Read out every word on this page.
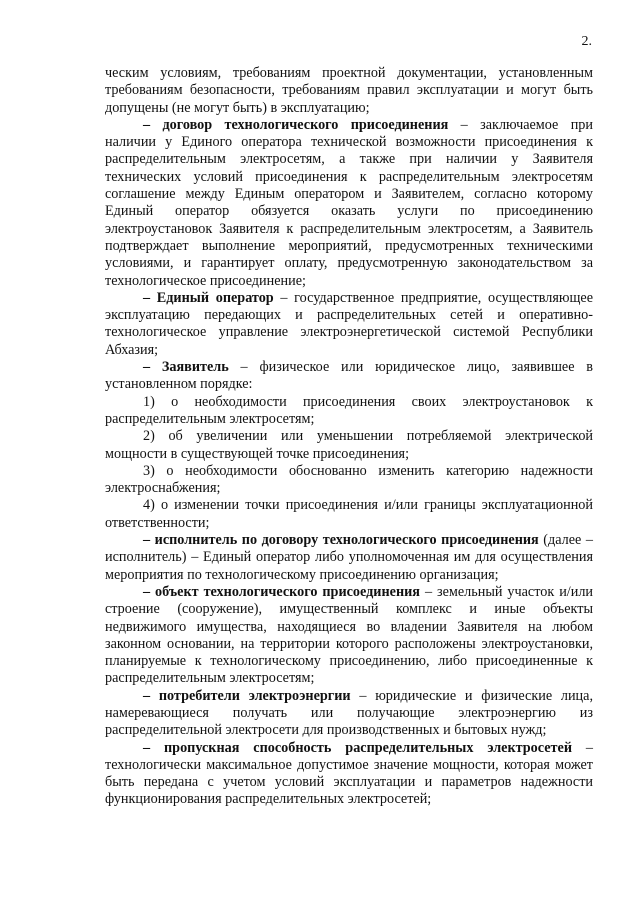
2.

ческим условиям, требованиям проектной документации, установленным требованиям безопасности, требованиям правил эксплуатации и могут быть допущены (не могут быть) в эксплуатацию;

– договор технологического присоединения – заключаемое при наличии у Единого оператора технической возможности присоединения к распределительным электросетям, а также при наличии у Заявителя технических условий присоединения к распределительным электросетям соглашение между Единым оператором и Заявителем, согласно которому Единый оператор обязуется оказать услуги по присоединению электроустановок Заявителя к распределительным электросетям, а Заявитель подтверждает выполнение мероприятий, предусмотренных техническими условиями, и гарантирует оплату, предусмотренную законодательством за технологическое присоединение;

– Единый оператор – государственное предприятие, осуществляющее эксплуатацию передающих и распределительных сетей и оперативно-технологическое управление электроэнергетической системой Республики Абхазия;

– Заявитель – физическое или юридическое лицо, заявившее в установленном порядке:

1) о необходимости присоединения своих электроустановок к распределительным электросетям;

2) об увеличении или уменьшении потребляемой электрической мощности в существующей точке присоединения;

3) о необходимости обоснованно изменить категорию надежности электроснабжения;

4) о изменении точки присоединения и/или границы эксплуатационной ответственности;

– исполнитель по договору технологического присоединения (далее – исполнитель) – Единый оператор либо уполномоченная им для осуществления мероприятия по технологическому присоединению организация;

– объект технологического присоединения – земельный участок и/или строение (сооружение), имущественный комплекс и иные объекты недвижимого имущества, находящиеся во владении Заявителя на любом законном основании, на территории которого расположены электроустановки, планируемые к технологическому присоединению, либо присоединенные к распределительным электросетям;

– потребители электроэнергии – юридические и физические лица, намеревающиеся получать или получающие электроэнергию из распределительной электросети для производственных и бытовых нужд;

– пропускная способность распределительных электросетей – технологически максимальное допустимое значение мощности, которая может быть передана с учетом условий эксплуатации и параметров надежности функционирования распределительных электросетей;
